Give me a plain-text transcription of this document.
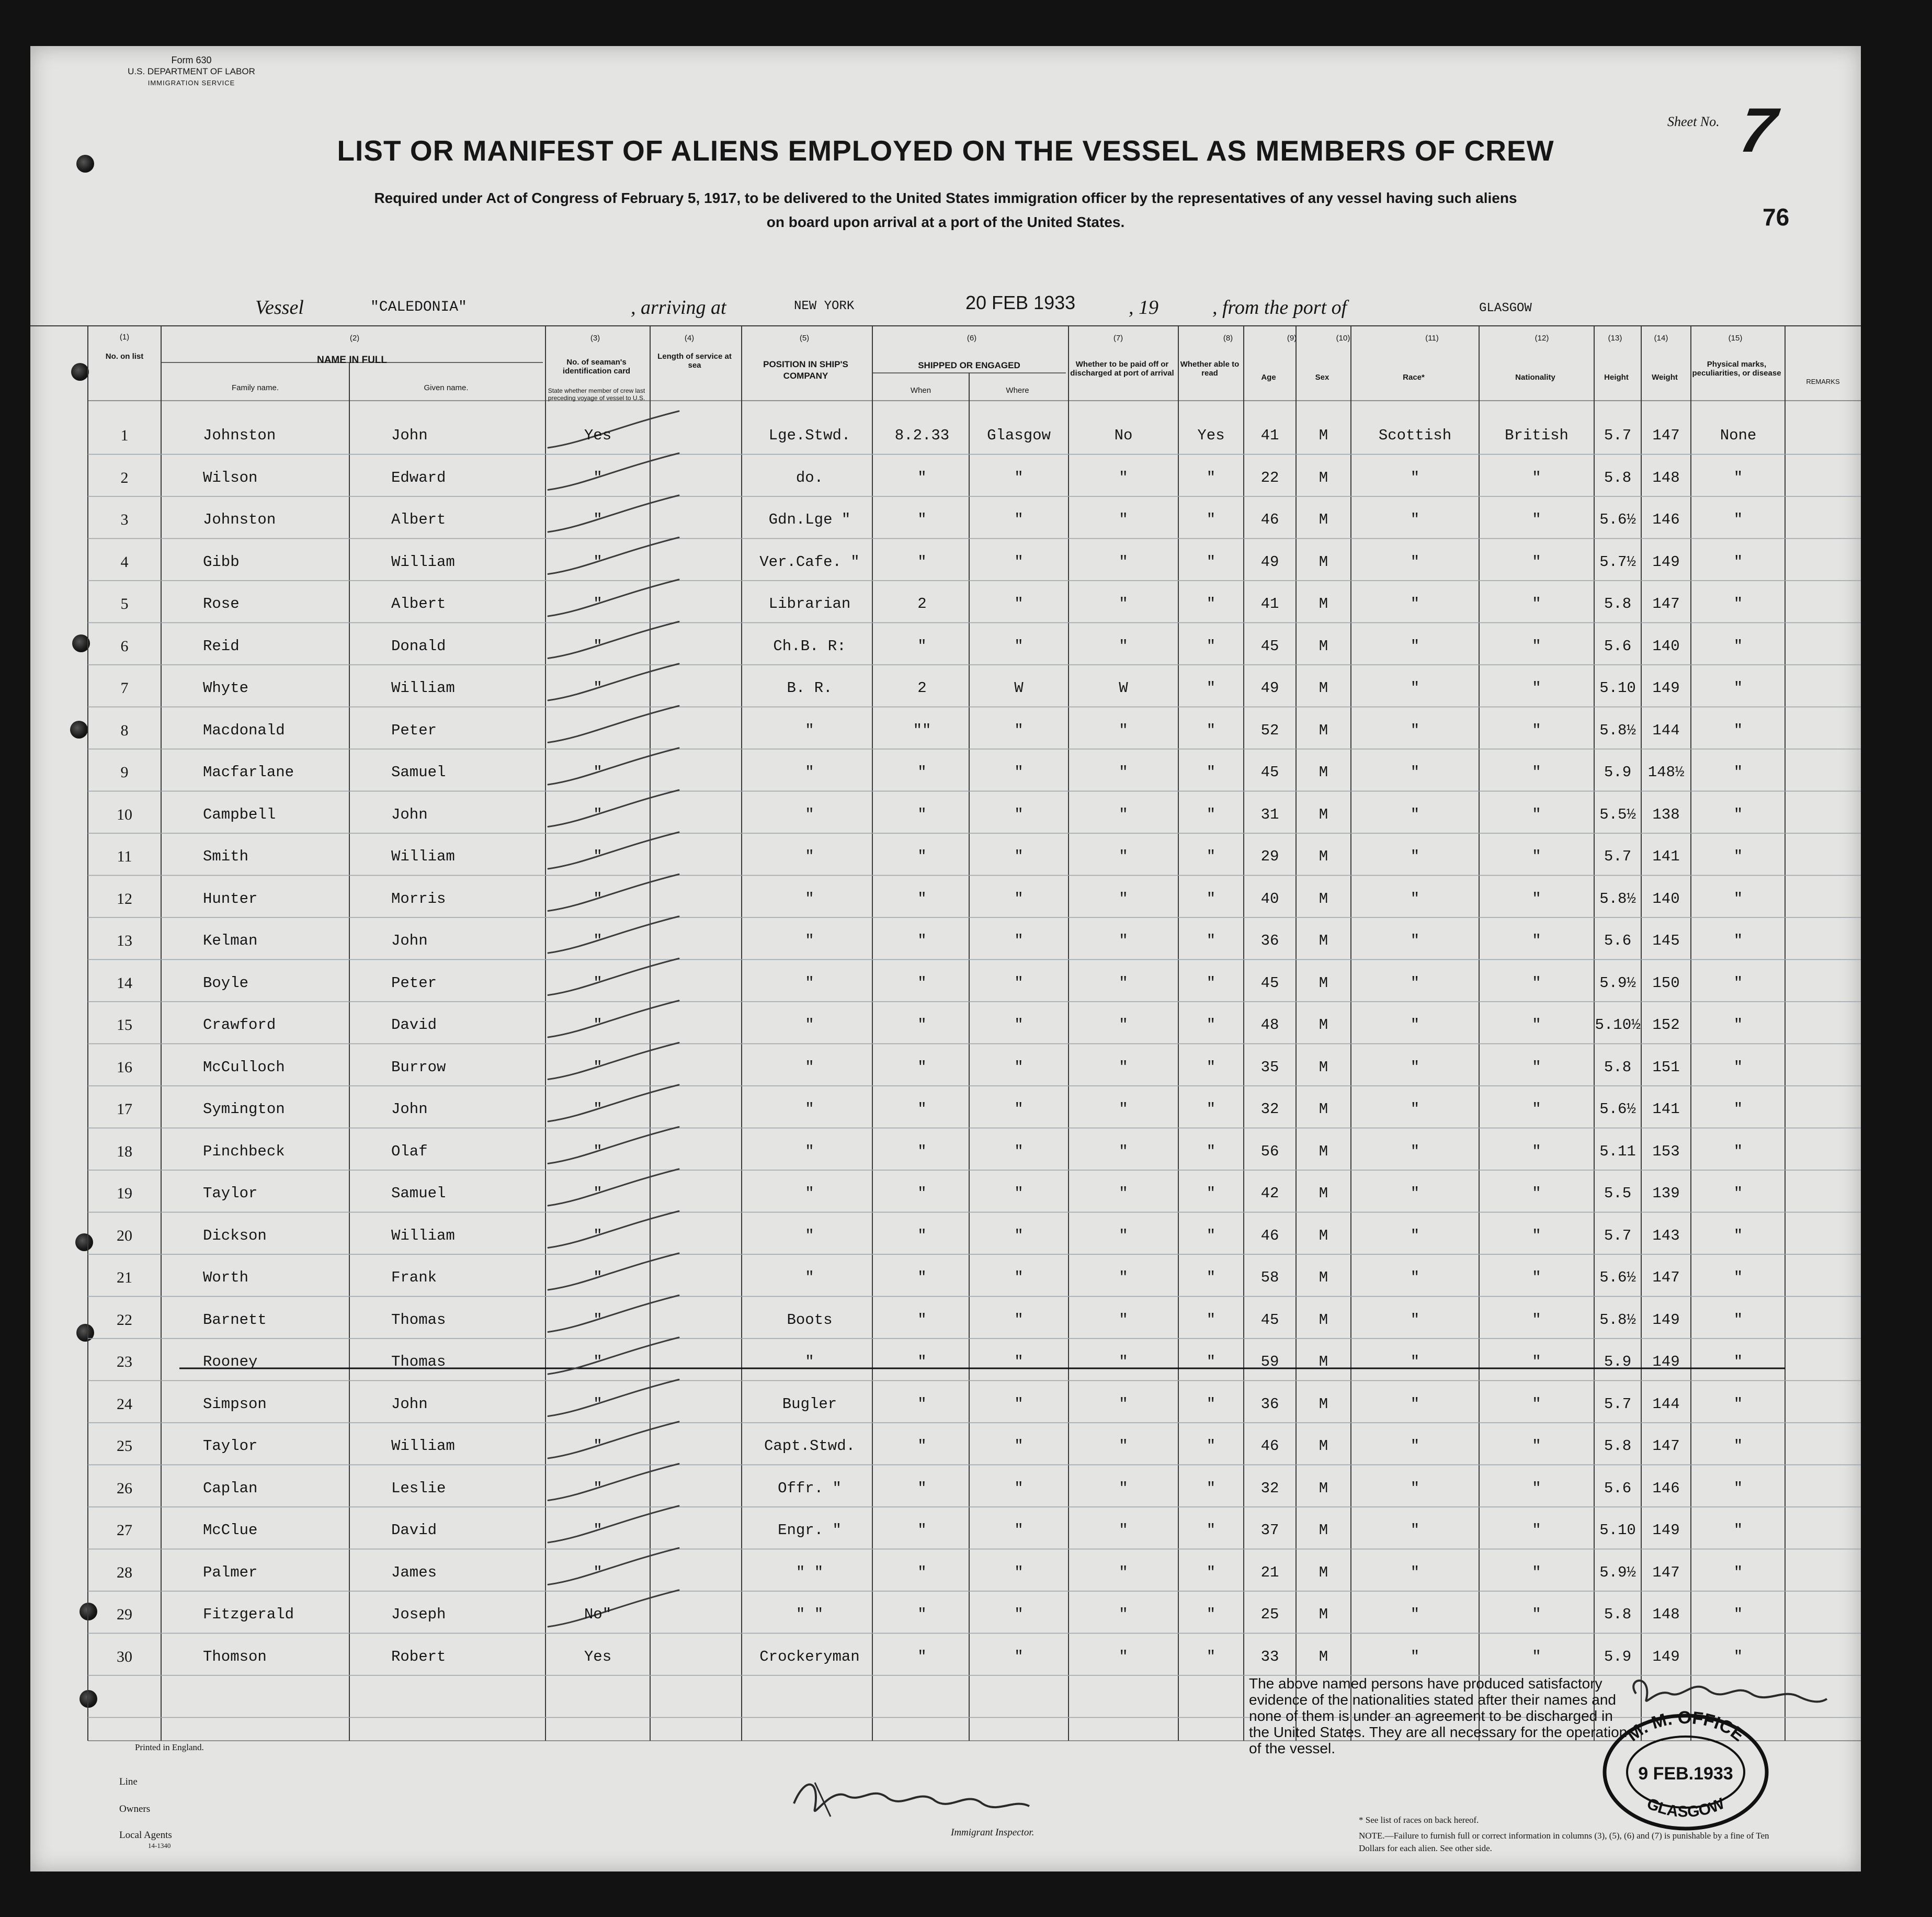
Form 630
U.S. DEPARTMENT OF LABOR
IMMIGRATION SERVICE
Sheet No. 7
76
LIST OR MANIFEST OF ALIENS EMPLOYED ON THE VESSEL AS MEMBERS OF CREW
Required under Act of Congress of February 5, 1917, to be delivered to the United States immigration officer by the representatives of any vessel having such aliens
on board upon arrival at a port of the United States.
Vessel	"CALEDONIA"	, arriving at	NEW YORK	20 FEB 1933	, 19	, from the port of	GLASGOW
(1)	(2)	(3)	(4)	(5)	(6)	(7)	(8)	(9)	(10)	(11)	(12)	(13)	(14)	(15)
No. on list	NAME IN FULL
Family name.	Given name.
No. of seaman's identification card
State whether member of crew last preceding voyage of vessel to U.S.
Length of service at sea	POSITION IN SHIP'S COMPANY
SHIPPED OR ENGAGED
When	Where
Whether to be paid off or discharged at port of arrival
Whether able to read	Age	Sex	Race*	Nationality	Height	Weight
Physical marks, peculiarities, or disease
REMARKS
1	Johnston	John	Yes	Lge.Stwd.	8.2.33	Glasgow	No	Yes	41	M	Scottish	British	5.7	147	None
2	Wilson	Edward	"	do.	"	"	"	"	22	M	"	"	5.8	148	"
3	Johnston	Albert	"	Gdn.Lge "	"	"	"	"	46	M	"	"	5.6½	146	"
4	Gibb	William	"	Ver.Cafe. "	"	"	"	"	49	M	"	"	5.7½	149	"
5	Rose	Albert	"	Librarian	2	"	"	"	41	M	"	"	5.8	147	"
6	Reid	Donald	"	Ch.B. R:	"	"	"	"	45	M	"	"	5.6	140	"
7	Whyte	William	"	B. R.	2	W	W	"	49	M	"	"	5.10	149	"
8	Macdonald	Peter	"	""	"	"	"	52	M	"	"	5.8½	144	"
9	Macfarlane	Samuel	"	"	"	"	"	"	45	M	"	"	5.9	148½	"
10	Campbell	John	"	"	"	"	"	"	31	M	"	"	5.5½	138	"
11	Smith	William	"	"	"	"	"	"	29	M	"	"	5.7	141	"
12	Hunter	Morris	"	"	"	"	"	"	40	M	"	"	5.8½	140	"
13	Kelman	John	"	"	"	"	"	"	36	M	"	"	5.6	145	"
14	Boyle	Peter	"	"	"	"	"	"	45	M	"	"	5.9½	150	"
15	Crawford	David	"	"	"	"	"	"	48	M	"	"	5.10½ 152	"
16	McCulloch	Burrow	"	"	"	"	"	"	35	M	"	"	5.8	151	"
17	Symington	John	"	"	"	"	"	"	32	M	"	"	5.6½	141	"
18	Pinchbeck	Olaf	"	"	"	"	"	"	56	M	"	"	5.11	153	"
19	Taylor	Samuel	"	"	"	"	"	"	42	M	"	"	5.5	139	"
20	Dickson	William	"	"	"	"	"	"	46	M	"	"	5.7	143	"
21	Worth	Frank	"	"	"	"	"	"	58	M	"	"	5.6½	147	"
22	Barnett	Thomas	"	Boots	"	"	"	"	45	M	"	"	5.8½	149	"
23	Rooney	Thomas	"	"	"	"	"	"	59	M	"	"	5.9	149	"
24	Simpson	John	"	Bugler	"	"	"	"	36	M	"	"	5.7	144	"
25	Taylor	William	"	Capt.Stwd.	"	"	"	"	46	M	"	"	5.8	147	"
26	Caplan	Leslie	"	Offr. "	"	"	"	"	32	M	"	"	5.6	146	"
27	McClue	David	"	Engr. "	"	"	"	"	37	M	"	"	5.10	149	"
28	Palmer	James	"	" "	"	"	"	"	21	M	"	"	5.9½	147	"
29	Fitzgerald	Joseph	No"	" "	"	"	"	"	25	M	"	"	5.8	148	"
30	Thomson	Robert	Yes	Crockeryman	"	"	"	"	33	M	"	"	5.9	149	"
Printed in England.
Line
Owners
Local Agents
14-1340
Immigrant Inspector.
The above named persons have produced satisfactory evidence of the nationalities stated after their names and none of them is under an agreement to be discharged in the United States. They are all necessary for the operation of the vessel.
M. M. OFFICE
9 FEB.1933
GLASGOW
* See list of races on back hereof.
NOTE.—Failure to furnish full or correct information in columns (3), (5), (6) and (7) is punishable by a fine of Ten Dollars for each alien. See other side.
